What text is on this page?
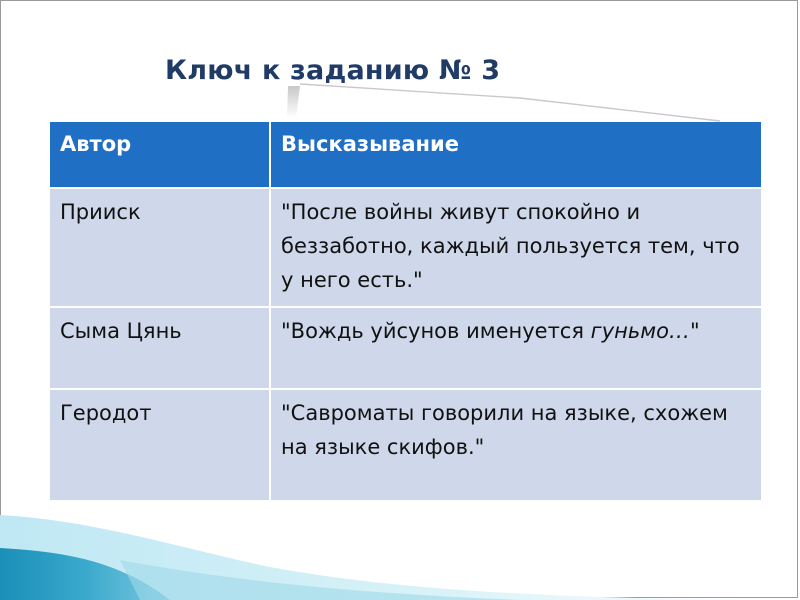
Ключ к заданию № 3
Автор	Высказывание
Прииск	"После войны живут спокойно и беззаботно, каждый пользуется тем, что у него есть."
Сыма Цянь	"Вождь уйсунов именуется гуньмо…"
Геродот	"Савроматы говорили на языке, схожем на языке скифов."
